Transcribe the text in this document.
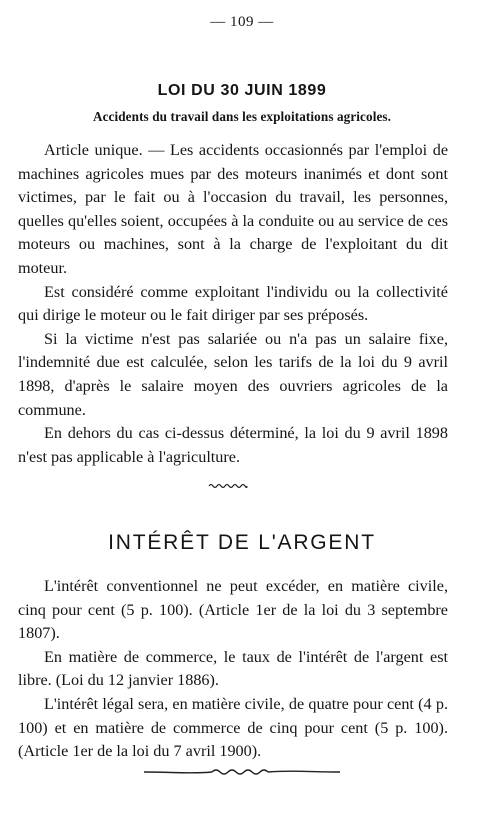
— 109 —
LOI DU 30 JUIN 1899
Accidents du travail dans les exploitations agricoles.

Article unique. — Les accidents occasionnés par l'emploi de machines agricoles mues par des moteurs inanimés et dont sont victimes, par le fait ou à l'occasion du travail, les personnes, quelles qu'elles soient, occupées à la conduite ou au service de ces moteurs ou machines, sont à la charge de l'exploitant du dit moteur.

Est considéré comme exploitant l'individu ou la collectivité qui dirige le moteur ou le fait diriger par ses préposés.

Si la victime n'est pas salariée ou n'a pas un salaire fixe, l'indemnité due est calculée, selon les tarifs de la loi du 9 avril 1898, d'après le salaire moyen des ouvriers agricoles de la commune.

En dehors du cas ci-dessus déterminé, la loi du 9 avril 1898 n'est pas applicable à l'agriculture.

INTÉRÊT DE L'ARGENT

L'intérêt conventionnel ne peut excéder, en matière civile, cinq pour cent (5 p. 100). (Article 1er de la loi du 3 septembre 1807).

En matière de commerce, le taux de l'intérêt de l'argent est libre. (Loi du 12 janvier 1886).

L'intérêt légal sera, en matière civile, de quatre pour cent (4 p. 100) et en matière de commerce de cinq pour cent (5 p. 100). (Article 1er de la loi du 7 avril 1900).
